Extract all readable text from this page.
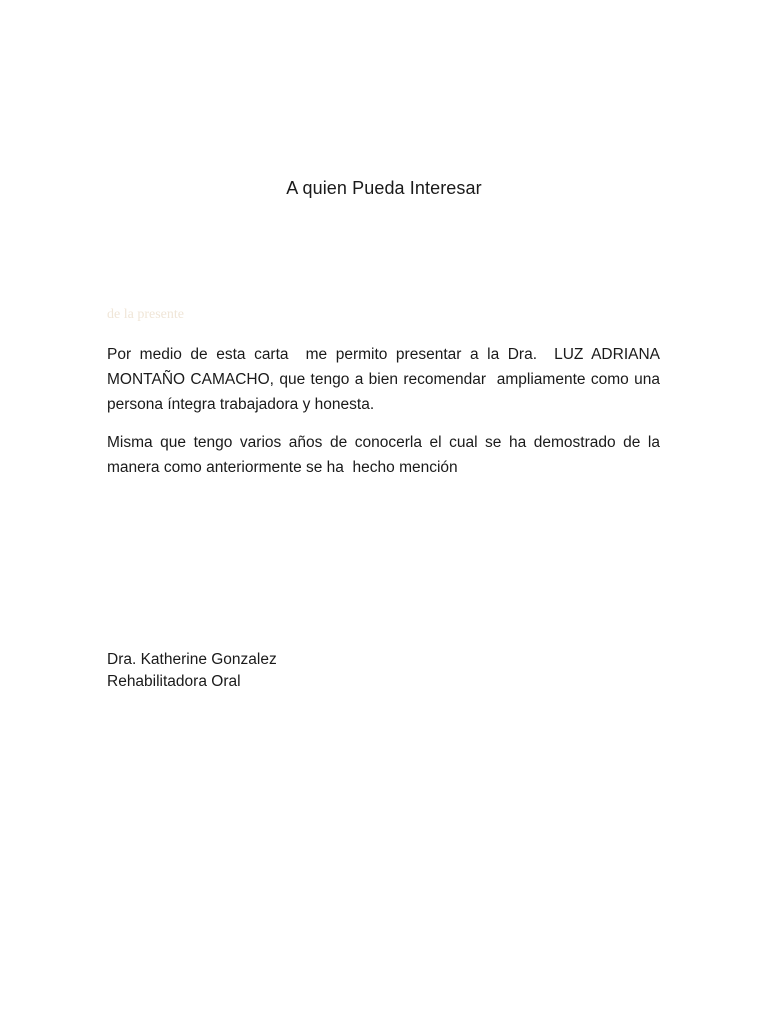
A quien Pueda Interesar
de la presente

Por medio de esta carta  me permito presentar a la Dra.  LUZ ADRIANA MONTAÑO CAMACHO, que tengo a bien recomendar  ampliamente como una persona íntegra trabajadora y honesta.

Misma que tengo varios años de conocerla el cual se ha demostrado de la manera como anteriormente se ha  hecho mención

Dra. Katherine Gonzalez
Rehabilitadora Oral
